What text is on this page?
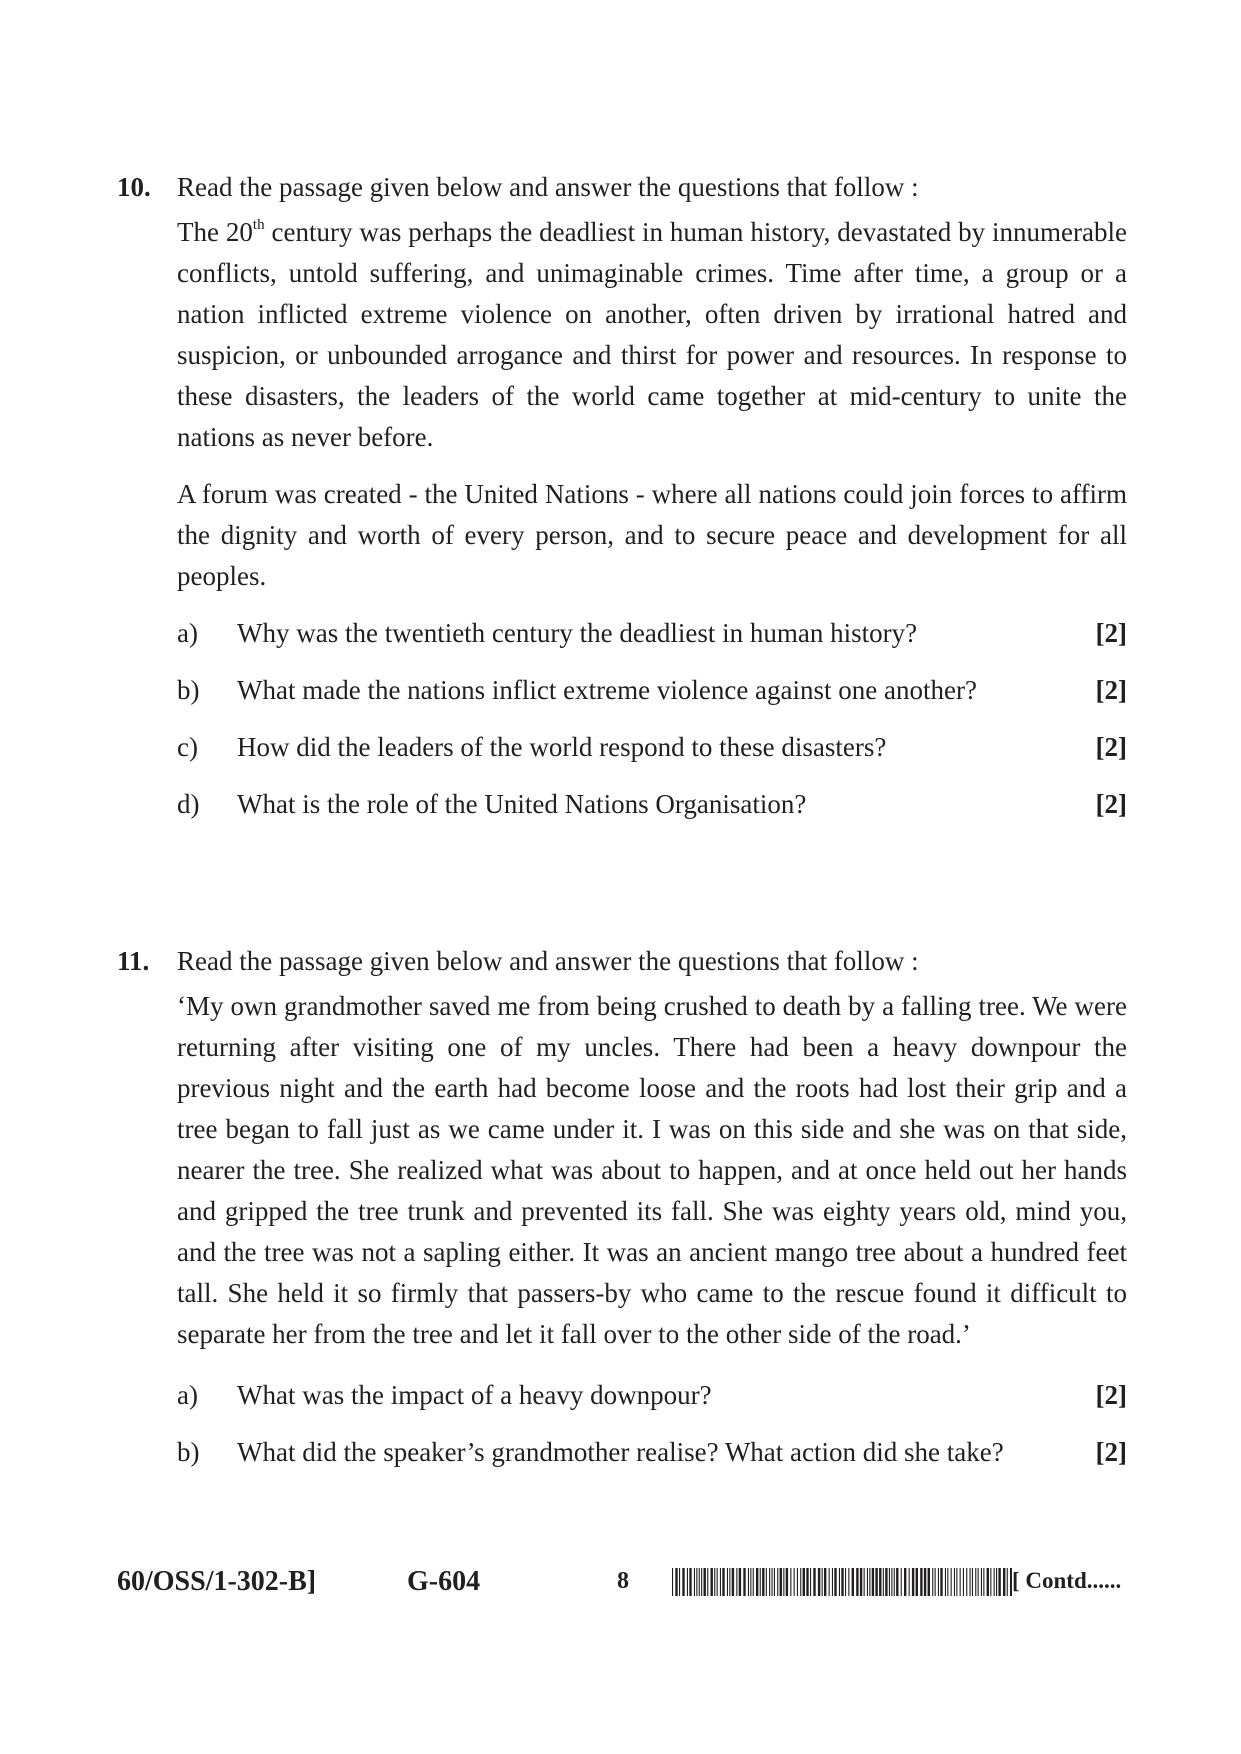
10. Read the passage given below and answer the questions that follow :
The 20th century was perhaps the deadliest in human history, devastated by innumerable conflicts, untold suffering, and unimaginable crimes. Time after time, a group or a nation inflicted extreme violence on another, often driven by irrational hatred and suspicion, or unbounded arrogance and thirst for power and resources. In response to these disasters, the leaders of the world came together at mid-century to unite the nations as never before.
A forum was created - the United Nations - where all nations could join forces to affirm the dignity and worth of every person, and to secure peace and development for all peoples.
a)	Why was the twentieth century the deadliest in human history?	[2]
b)	What made the nations inflict extreme violence against one another?	[2]
c)	How did the leaders of the world respond to these disasters?	[2]
d)	What is the role of the United Nations Organisation?	[2]
11.	Read the passage given below and answer the questions that follow :
‘My own grandmother saved me from being crushed to death by a falling tree. We were returning after visiting one of my uncles. There had been a heavy downpour the previous night and the earth had become loose and the roots had lost their grip and a tree began to fall just as we came under it. I was on this side and she was on that side, nearer the tree. She realized what was about to happen, and at once held out her hands and gripped the tree trunk and prevented its fall. She was eighty years old, mind you, and the tree was not a sapling either. It was an ancient mango tree about a hundred feet tall. She held it so firmly that passers-by who came to the rescue found it difficult to separate her from the tree and let it fall over to the other side of the road.’
a)	What was the impact of a heavy downpour?	[2]
b)	What did the speaker’s grandmother realise? What action did she take?	[2]
60/OSS/1-302-B]	G-604	8	[ Contd......
